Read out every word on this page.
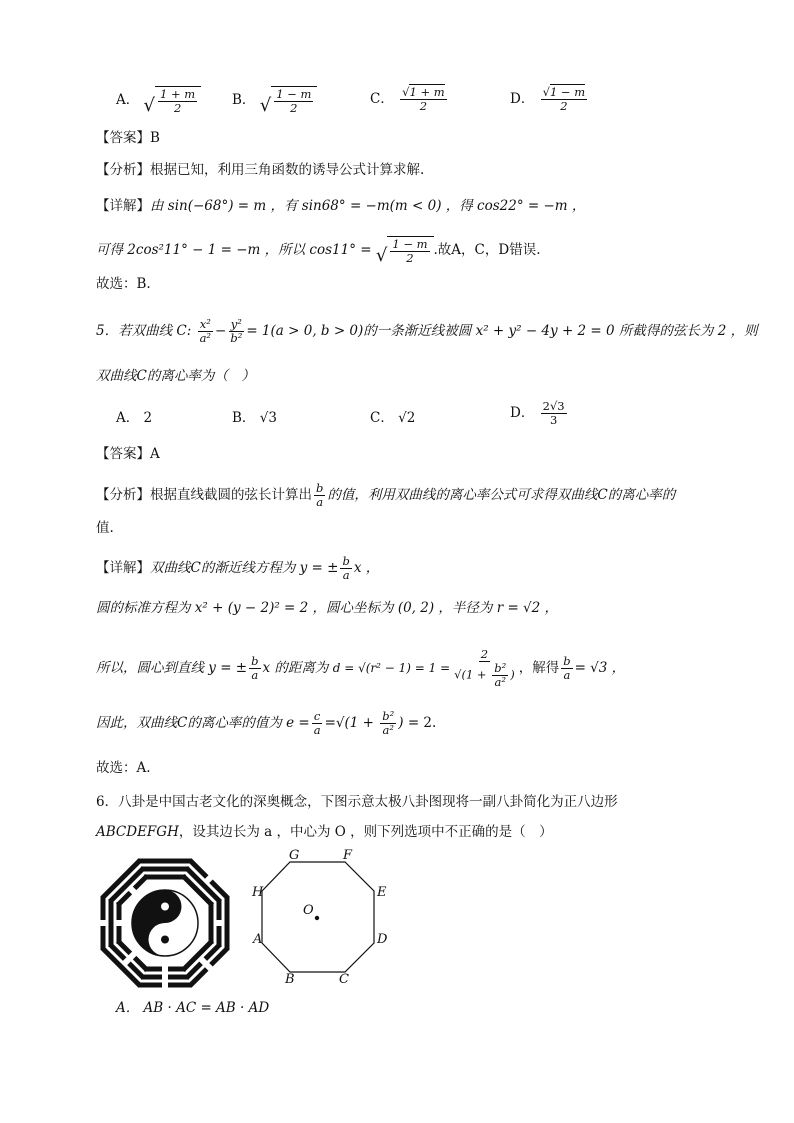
A． √ $\frac{1 + m}{2}$	B． √ $\frac{1 - m}{2}$	C． $\frac{√1 + m}{2}$	D． $\frac{√1 - m}{2}$
【答案】B
【分析】根据已知，利用三角函数的诱导公式计算求解.
【详解】由 sin(−68°) = m ，有 sin68° = −m(m < 0) ，得 cos22° = −m ，
可得 2cos²11° − 1 = −m ，所以 cos11° = √ $\frac{1 - m}{2}$ .故A，C，D错误.
故选：B.
5．若双曲线 C: $\frac{\text{x²}}{\text{a²}} - \frac{\text{y²}}{\text{b²}} = 1(a > 0$, b > 0)的一条渐近线被圆 x² + y² − 4y + 2 = 0 所截得的弦长为 2 ，则
双曲线C的离心率为（　）
A． 2	B． √3	C． √2	D． $\frac{2√3}{3}$
【答案】A
【分析】根据直线截圆的弦长计算出 $\frac{b}{a}$ 的值，利用双曲线的离心率公式可求得双曲线C的离心率的
值.
【详解】双曲线C的渐近线方程为 y = ± $\frac{b}{a}$ x ，
圆的标准方程为 x² + (y − 2)² = 2 ，圆心坐标为 (0, 2) ，半径为 r = √2 ，
所以，圆心到直线 y = ± $\frac{b}{a}$ x 的距离为 $d = √(r^2 - 1) = 1 = \frac{2}{√(1 + \frac{\text{b²}}{\text{a²}} )}$ ，解得 $\frac{b}{a} = √3$ ，
因此，双曲线C的离心率的值为 $e = \frac{c}{a} =√(1 + \frac{\text{b²}}{\text{a²}}$ ) = 2.
故选：A.
6．八卦是中国古老文化的深奥概念，下图示意太极八卦图现将一副八卦简化为正八边形
ABCDEFGH，设其边长为 a ，中心为 O ，则下列选项中不正确的是（　）
A
B	C
D
E
F
G
H
O
A． AB · AC = AB · AD
